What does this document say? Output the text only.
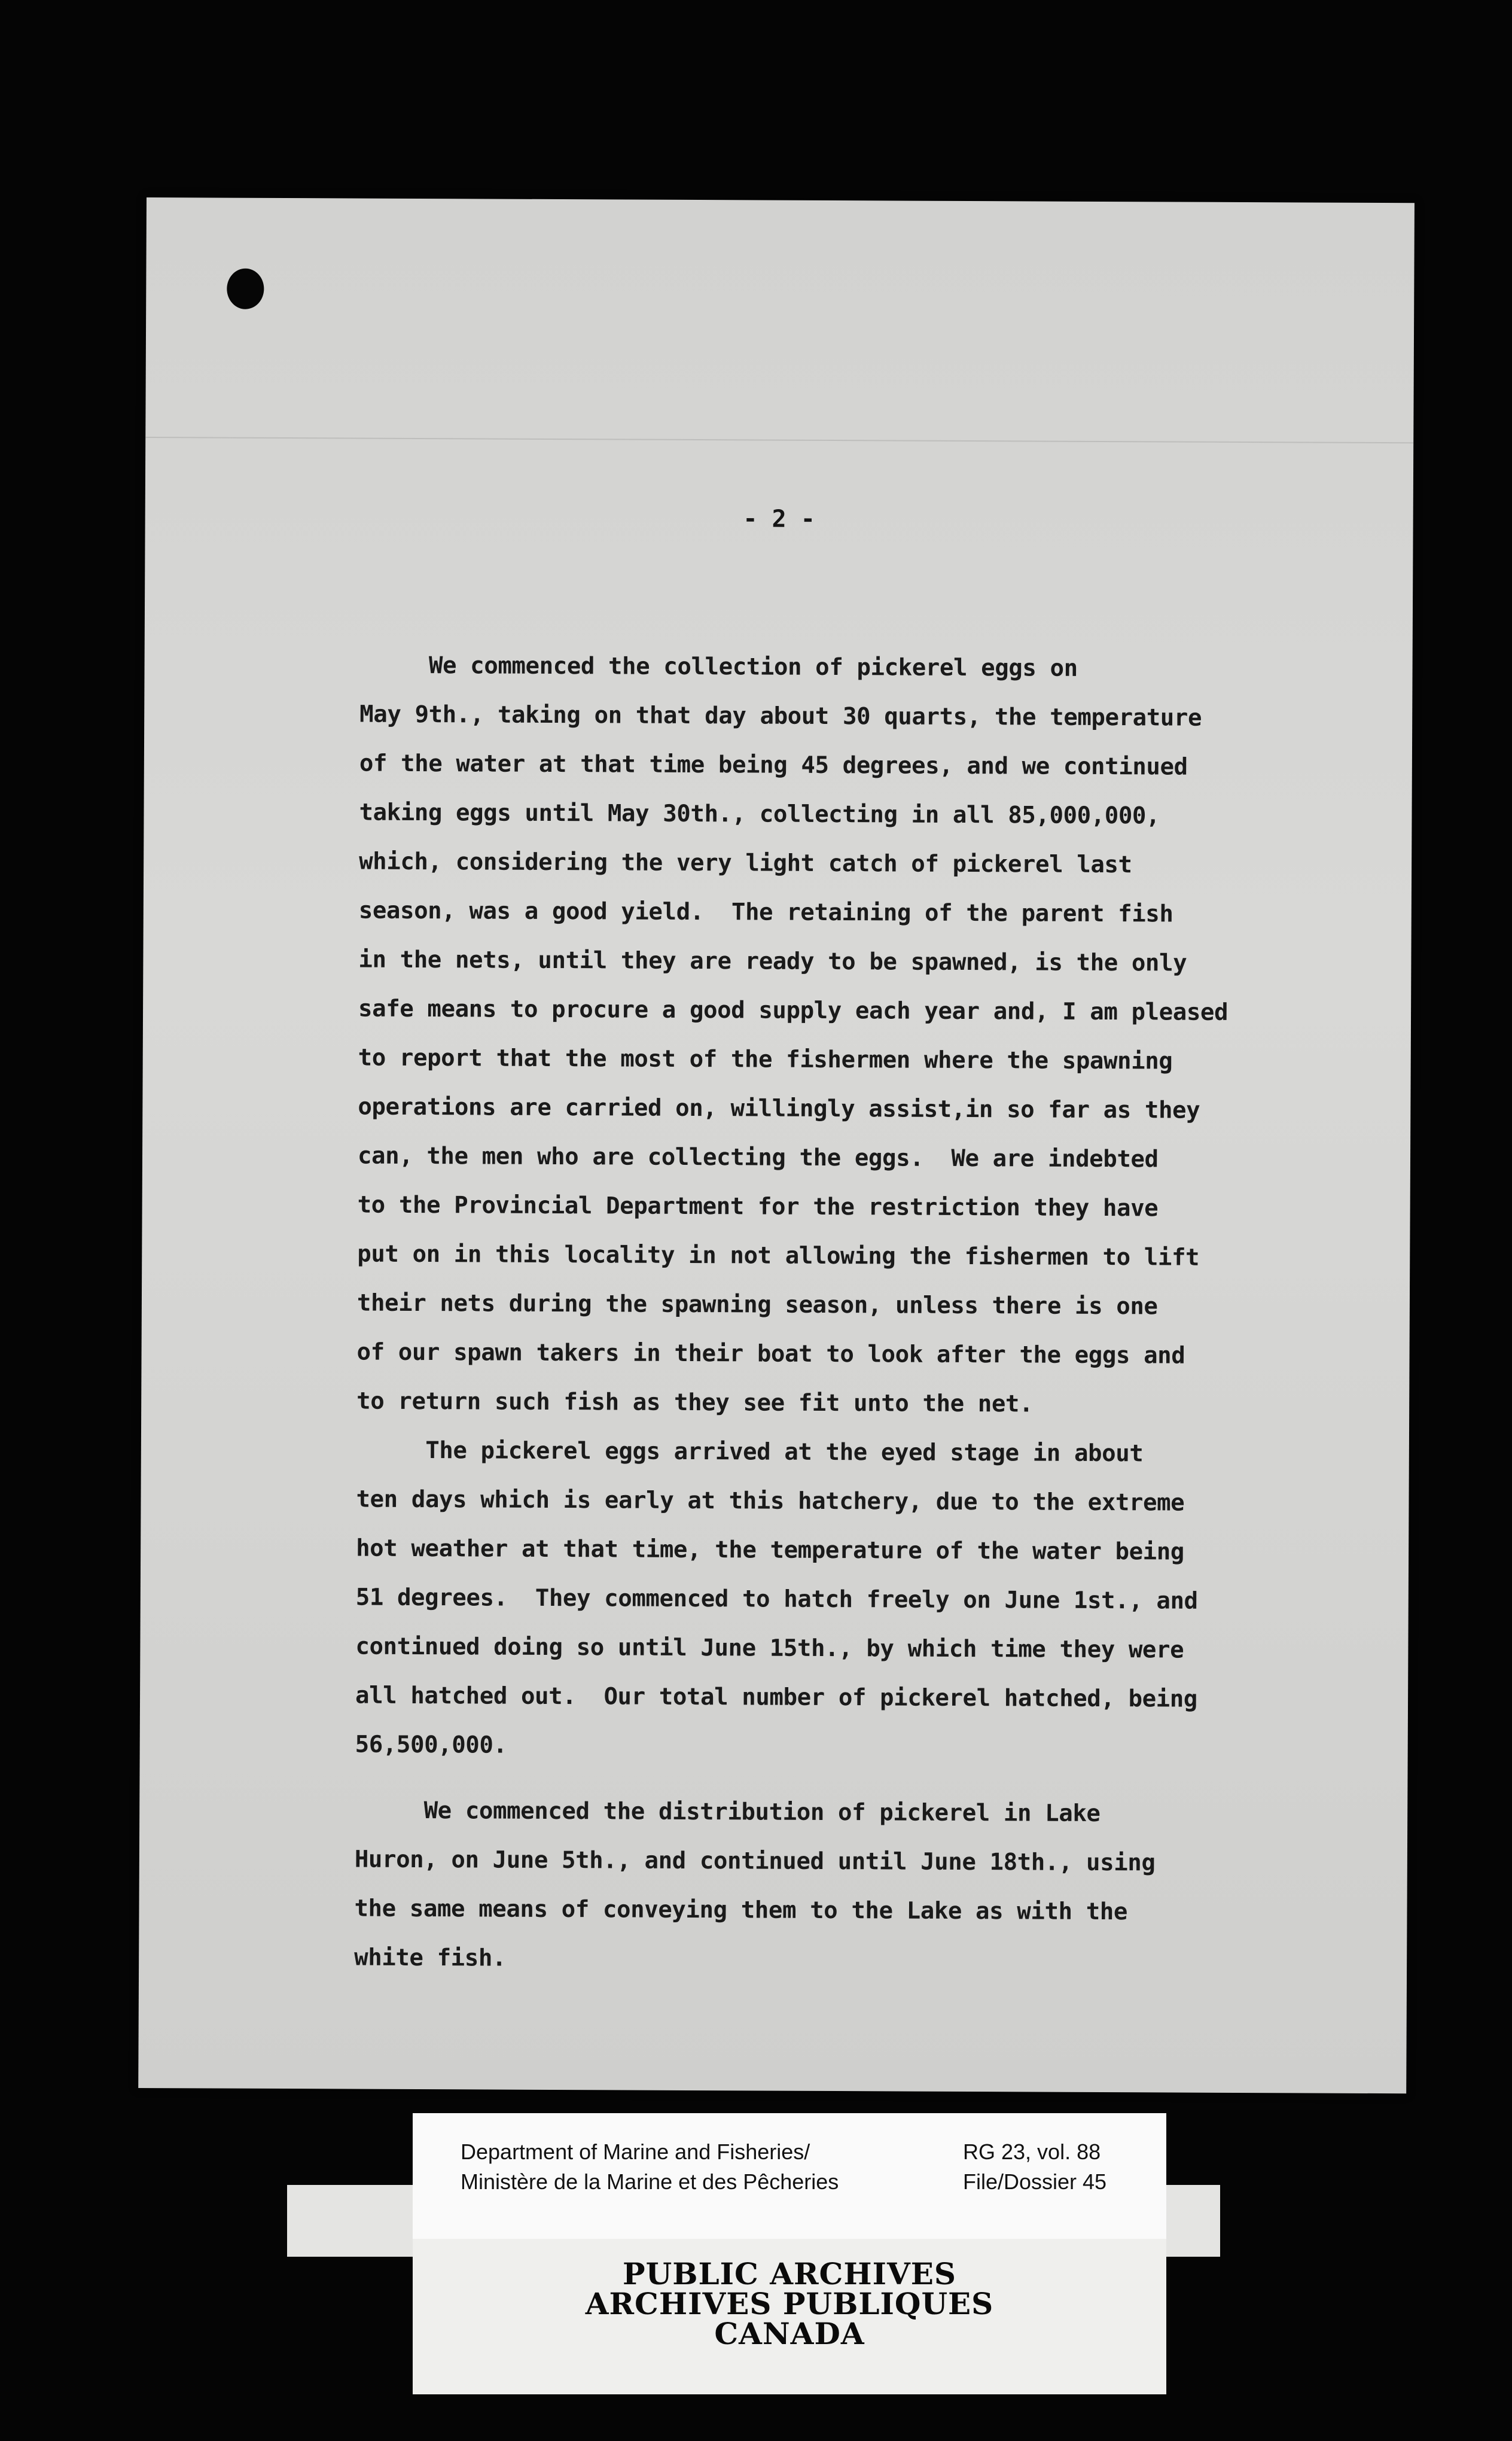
- 2 -

We commenced the collection of pickerel eggs on
May 9th., taking on that day about 30 quarts, the temperature
of the water at that time being 45 degrees, and we continued
taking eggs until May 30th., collecting in all 85,000,000,
which, considering the very light catch of pickerel last
season, was a good yield.  The retaining of the parent fish
in the nets, until they are ready to be spawned, is the only
safe means to procure a good supply each year and, I am pleased
to report that the most of the fishermen where the spawning
operations are carried on, willingly assist,in so far as they
can, the men who are collecting the eggs.  We are indebted
to the Provincial Department for the restriction they have
put on in this locality in not allowing the fishermen to lift
their nets during the spawning season, unless there is one
of our spawn takers in their boat to look after the eggs and
to return such fish as they see fit unto the net.

The pickerel eggs arrived at the eyed stage in about
ten days which is early at this hatchery, due to the extreme
hot weather at that time, the temperature of the water being
51 degrees.  They commenced to hatch freely on June 1st., and
continued doing so until June 15th., by which time they were
all hatched out.  Our total number of pickerel hatched, being
56,500,000.

We commenced the distribution of pickerel in Lake
Huron, on June 5th., and continued until June 18th., using
the same means of conveying them to the Lake as with the
white fish.

Department of Marine and Fisheries/
Ministère de la Marine et des Pêcheries
RG 23, vol. 88
File/Dossier 45
PUBLIC ARCHIVES
ARCHIVES PUBLIQUES
CANADA
